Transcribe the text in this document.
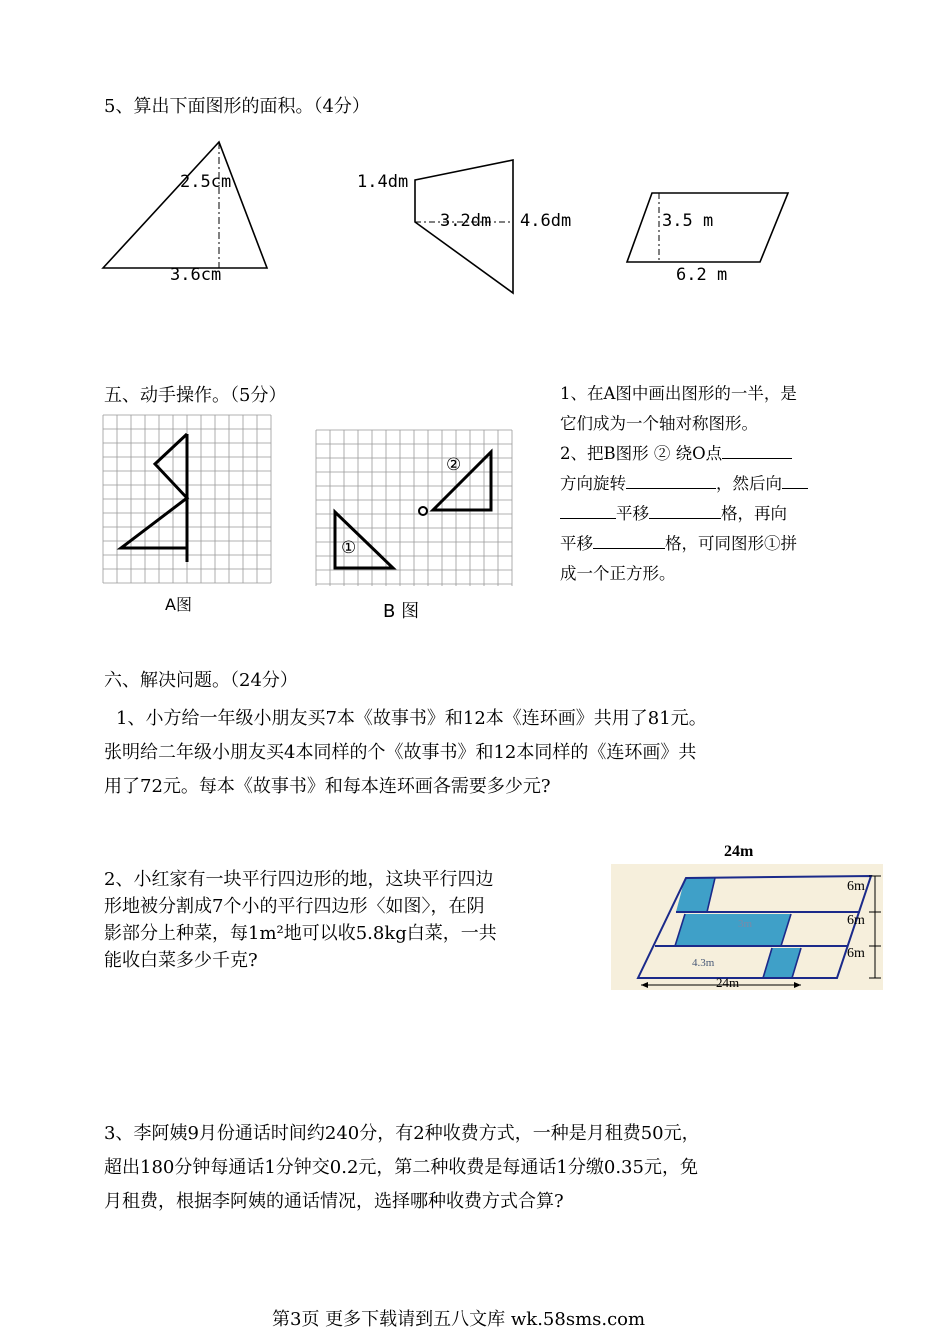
5、算出下面图形的面积。（4分）
2.5cm
3.6cm
1.4dm
3.2dm 4.6dm	3.5 m
6.2 m
五、动手操作。（5分）
A图
①
②
B 图
1、在A图中画出图形的一半，是
它们成为一个轴对称图形。
2、把B图形 ② 绕O点
方向旋转	，然后向
平移	格，再向
平移	格，可同图形①拼
成一个正方形。
六、解决问题。（24分）
1、小方给一年级小朋友买7本《故事书》和12本《连环画》共用了81元。
张明给二年级小朋友买4本同样的个《故事书》和12本同样的《连环画》共
用了72元。每本《故事书》和每本连环画各需要多少元?
2、小红家有一块平行四边形的地，这块平行四边
形地被分割成7个小的平行四边形〈如图〉，在阴
影部分上种菜，每1m²地可以收5.8kg白菜，一共
能收白菜多少千克?
24m
6m
6m
6m
3m
4.3m
24m
3、李阿姨9月份通话时间约240分，有2种收费方式，一种是月租费50元，
超出180分钟每通话1分钟交0.2元，第二种收费是每通话1分缴0.35元，免
月租费，根据李阿姨的通话情况，选择哪种收费方式合算?
第3页 更多下载请到五八文库 wk.58sms.com
